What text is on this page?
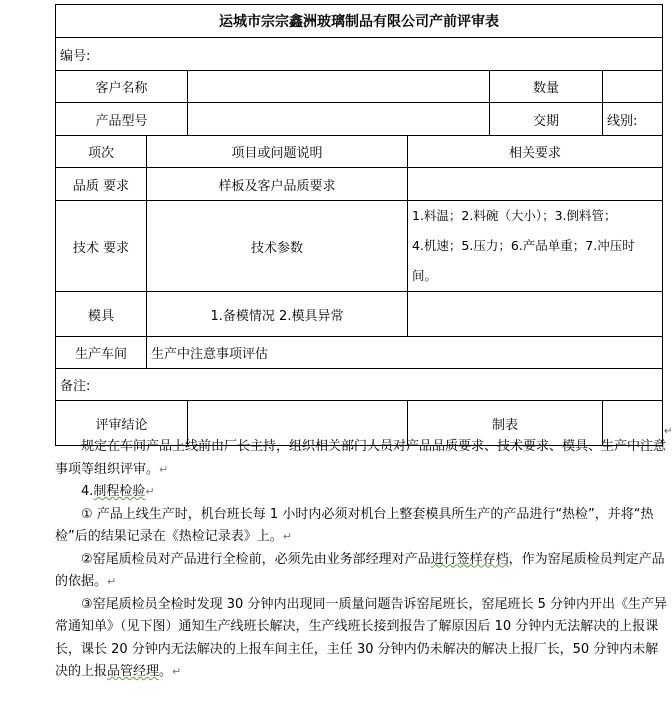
运城市宗宗鑫洲玻璃制品有限公司产前评审表					
编号:					
客户名称				数量	
产品型号				交期	线别:
项次	项目或问题说明		相关要求		
品质 要求	样板及客户品质要求				
技术 要求	技术参数		1.料温；2.料碗（大小）；3.倒料管；
4.机速；5.压力；6.产品单重；7.冲压时间。		

模具	1.备模情况 2.模具异常				
生产车间	生产中注意事项评估				
备注:					
评审结论			制表			↵

规定在车间产品上线前由厂长主持，组织相关部门人员对产品品质要求、技术要求、模具、生产中注意事项等组织评审。↵

4.制程检验↵

① 产品上线生产时，机台班长每 1 小时内必须对机台上整套模具所生产的产品进行“热检”，并将“热检”后的结果记录在《热检记录表》上。↵

②窑尾质检员对产品进行全检前，必须先由业务部经理对产品进行签样存档，作为窑尾质检员判定产品的依据。↵

③窑尾质检员全检时发现 30 分钟内出现同一质量问题告诉窑尾班长，窑尾班长 5 分钟内开出《生产异常通知单》（见下图）通知生产线班长解决，生产线班长接到报告了解原因后 10 分钟内无法解决的上报课长，课长 20 分钟内无法解决的上报车间主任，主任 30 分钟内仍未解决的解决上报厂长，50 分钟内未解决的上报品管经理。↵
